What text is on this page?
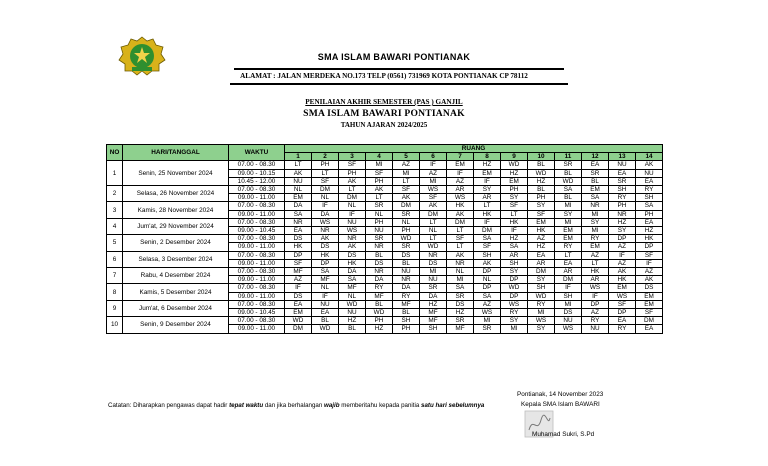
SMA ISLAM BAWARI PONTIANAK
ALAMAT : JALAN MERDEKA NO.173 TELP (0561) 731969 KOTA PONTIANAK CP 78112
PENILAIAN AKHIR SEMESTER (PAS ) GANJIL
SMA ISLAM BAWARI PONTIANAK
TAHUN AJARAN 2024/2025
NO	HARI/TANGGAL	WAKTU	RUANG													
			1	2	3	4	5	6	7	8	9	10	11	12	13	14
1	Senin, 25 November 2024	07.00 - 08.30	LT	PH	SF	MI	AZ	IF	EM	HZ	WD	BL	SR	EA	NU	AK
		09.00 - 10.15	AK	LT	PH	SF	MI	AZ	IF	EM	HZ	WD	BL	SR	EA	NU
		10.45 - 12.00	NU	SF	AK	PH	LT	MI	AZ	IF	EM	HZ	WD	BL	SR	EA
2	Selasa, 26 November 2024	07.00 - 08.30	NL	DM	LT	AK	SF	WS	AR	SY	PH	BL	SA	EM	SH	RY
		09.00 - 11.00	EM	NL	DM	LT	AK	SF	WS	AR	SY	PH	BL	SA	RY	SH
3	Kamis, 28 November 2024	07.00 - 08.30	DA	IF	NL	SR	DM	AK	HK	LT	SF	SY	MI	NR	PH	SA
		09.00 - 11.00	SA	DA	IF	NL	SR	DM	AK	HK	LT	SF	SY	MI	NR	PH
4	Jum'at, 29 November 2024	07.00 - 08.30	NR	WS	NU	PH	NL	LT	DM	IF	HK	EM	MI	SY	HZ	EA
		09.00 - 10.45	EA	NR	WS	NU	PH	NL	LT	DM	IF	HK	EM	MI	SY	HZ
5	Senin, 2 Desember 2024	07.00 - 08.30	DS	AK	NR	SR	WD	LT	SF	SA	HZ	AZ	EM	RY	DP	HK
		09.00 - 11.00	HK	DS	AK	NR	SR	WD	LT	SF	SA	HZ	RY	EM	AZ	DP
6	Selasa, 3 Desember 2024	07.00 - 08.30	DP	HK	DS	BL	DS	NR	AK	SH	AR	EA	LT	AZ	IF	SF
		09.00 - 11.00	SF	DP	HK	DS	BL	DS	NR	AK	SH	AR	EA	LT	AZ	IF
7	Rabu, 4 Desember 2024	07.00 - 08.30	MF	SA	DA	NR	NU	MI	NL	DP	SY	DM	AR	HK	AK	AZ
		09.00 - 11.00	AZ	MF	SA	DA	NR	NU	MI	NL	DP	SY	DM	AR	HK	AK
8	Kamis, 5 Desember 2024	07.00 - 08.30	IF	NL	MF	RY	DA	SR	SA	DP	WD	SH	IF	WS	EM	DS
		09.00 - 11.00	DS	IF	NL	MF	RY	DA	SR	SA	DP	WD	SH	IF	WS	EM
9	Jum'at, 6 Desember 2024	07.00 - 08.30	EA	NU	WD	BL	MF	HZ	DS	AZ	WS	RY	MI	DP	SF	EM
		09.00 - 10.45	EM	EA	NU	WD	BL	MF	HZ	WS	RY	MI	DS	AZ	DP	SF
10	Senin, 9 Desember 2024	07.00 - 08.30	WD	BL	HZ	PH	SH	MF	SR	MI	SY	WS	NU	RY	EA	DM
		09.00 - 11.00	DM	WD	BL	HZ	PH	SH	MF	SR	MI	SY	WS	NU	RY	EA
Catatan: Diharapkan pengawas dapat hadir tepat waktu dan jika berhalangan wajib memberitahu kepada panitia satu hari sebelumnya
Pontianak, 14 November 2023
Kepala SMA Islam BAWARI
Muhamad Sukri, S.Pd
